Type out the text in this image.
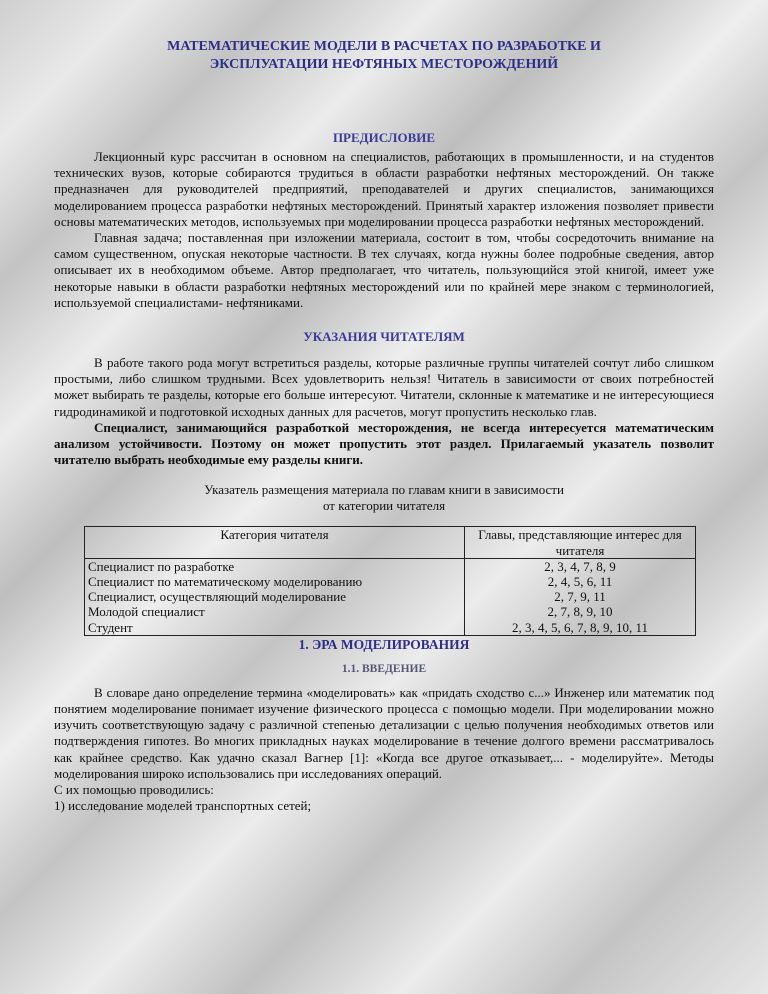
МАТЕМАТИЧЕСКИЕ МОДЕЛИ В РАСЧЕТАХ ПО РАЗРАБОТКЕ И ЭКСПЛУАТАЦИИ НЕФТЯНЫХ МЕСТОРОЖДЕНИЙ
ПРЕДИСЛОВИЕ

Лекционный курс рассчитан в основном на специалистов, работающих в промышленности, и на студентов технических вузов, которые собираются трудиться в области разработки нефтяных месторождений. Он также предназначен для руководителей предприятий, преподавателей и других специалистов, занимающихся моделированием процесса разработки нефтяных месторождений. Принятый характер изложения позволяет привести основы математических методов, используемых при моделировании процесса разработки нефтяных месторождений.

Главная задача; поставленная при изложении материала, состоит в том, чтобы сосредоточить внимание на самом существенном, опуская некоторые частности. В тех случаях, когда нужны более подробные сведения, автор описывает их в необходимом объеме. Автор предполагает, что читатель, пользующийся этой книгой, имеет уже некоторые навыки в области разработки нефтяных месторождений или по крайней мере знаком с терминологией, используемой специалистами- нефтяниками.

УКАЗАНИЯ ЧИТАТЕЛЯМ

В работе такого рода могут встретиться разделы, которые различные группы читателей сочтут либо слишком простыми, либо слишком трудными. Всех удовлетворить нельзя! Читатель в зависимости от своих потребностей может выбирать те разделы, которые его больше интересуют. Читатели, склонные к математике и не интересующиеся гидродинамикой и подготовкой исходных данных для расчетов, могут пропустить несколько глав.

Специалист, занимающийся разработкой месторождения, не всегда интересуется математическим анализом устойчивости. Поэтому он может пропустить этот раздел. Прилагаемый указатель позволит читателю выбрать необходимые ему разделы книги.

Указатель размещения материала по главам книги в зависимости
от категории читателя
Категория читателя	Главы, представляющие интерес для читателя
Специалист по разработке	2, 3, 4, 7, 8, 9
Специалист по математическому моделированию	2, 4, 5, 6, 11
Специалист, осуществляющий моделирование	2, 7, 9, 11
Молодой специалист	2, 7, 8, 9, 10
Студент	2, 3, 4, 5, 6, 7, 8, 9, 10, 11
1. ЭРА МОДЕЛИРОВАНИЯ
1.1. ВВЕДЕНИЕ

В словаре дано определение термина «моделировать» как «придать сходство с...» Инженер или математик под понятием моделирование понимает изучение физического процесса с помощью модели. При моделировании можно изучить соответствующую задачу с различной степенью детализации с целью получения необходимых ответов или подтверждения гипотез. Во многих прикладных науках моделирование в течение долгого времени рассматривалось как крайнее средство. Как удачно сказал Вагнер [1]: «Когда все другое отказывает,... - моделируйте». Методы моделирования широко использовались при исследованиях операций.

С их помощью проводились:

1) исследование моделей транспортных сетей;
